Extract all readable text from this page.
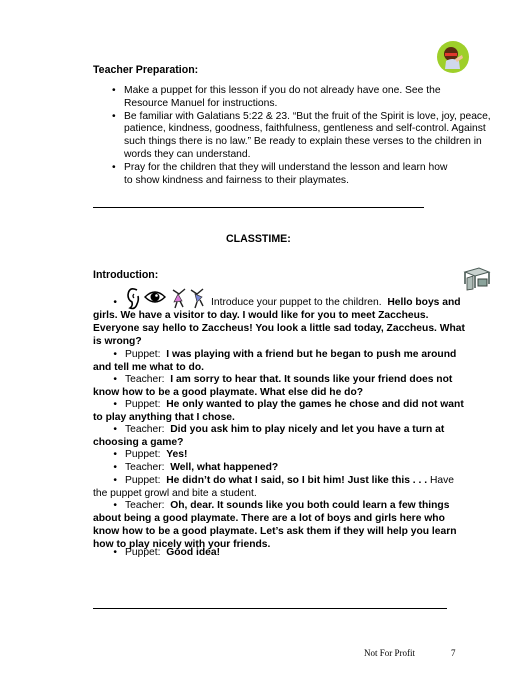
Teacher Preparation:
• Make a puppet for this lesson if you do not already have one. See the Resource Manuel for instructions.
• Be familiar with Galatians 5:22 & 23. “But the fruit of the Spirit is love, joy, peace, patience, kindness, goodness, faithfulness, gentleness and self-control. Against such things there is no law.” Be ready to explain these verses to the children in words they can understand.
• Pray for the children that they will understand the lesson and learn how to show kindness and fairness to their playmates.
CLASSTIME:
Introduction:
•	Introduce your puppet to the children. Hello boys and girls. We have a visitor to day. I would like for you to meet Zaccheus. Everyone say hello to Zaccheus! You look a little sad today, Zaccheus. What is wrong?
• Puppet: I was playing with a friend but he began to push me around and tell me what to do.
• Teacher: I am sorry to hear that. It sounds like your friend does not know how to be a good playmate. What else did he do?
• Puppet: He only wanted to play the games he chose and did not want to play anything that I chose.
• Teacher: Did you ask him to play nicely and let you have a turn at choosing a game?
• Puppet: Yes!
• Teacher: Well, what happened?
• Puppet: He didn’t do what I said, so I bit him! Just like this . . . Have the puppet growl and bite a student.
• Teacher: Oh, dear. It sounds like you both could learn a few things about being a good playmate. There are a lot of boys and girls here who know how to be a good playmate. Let’s ask them if they will help you learn how to play nicely with your friends.
• Puppet: Good idea!
Not For Profit	7
